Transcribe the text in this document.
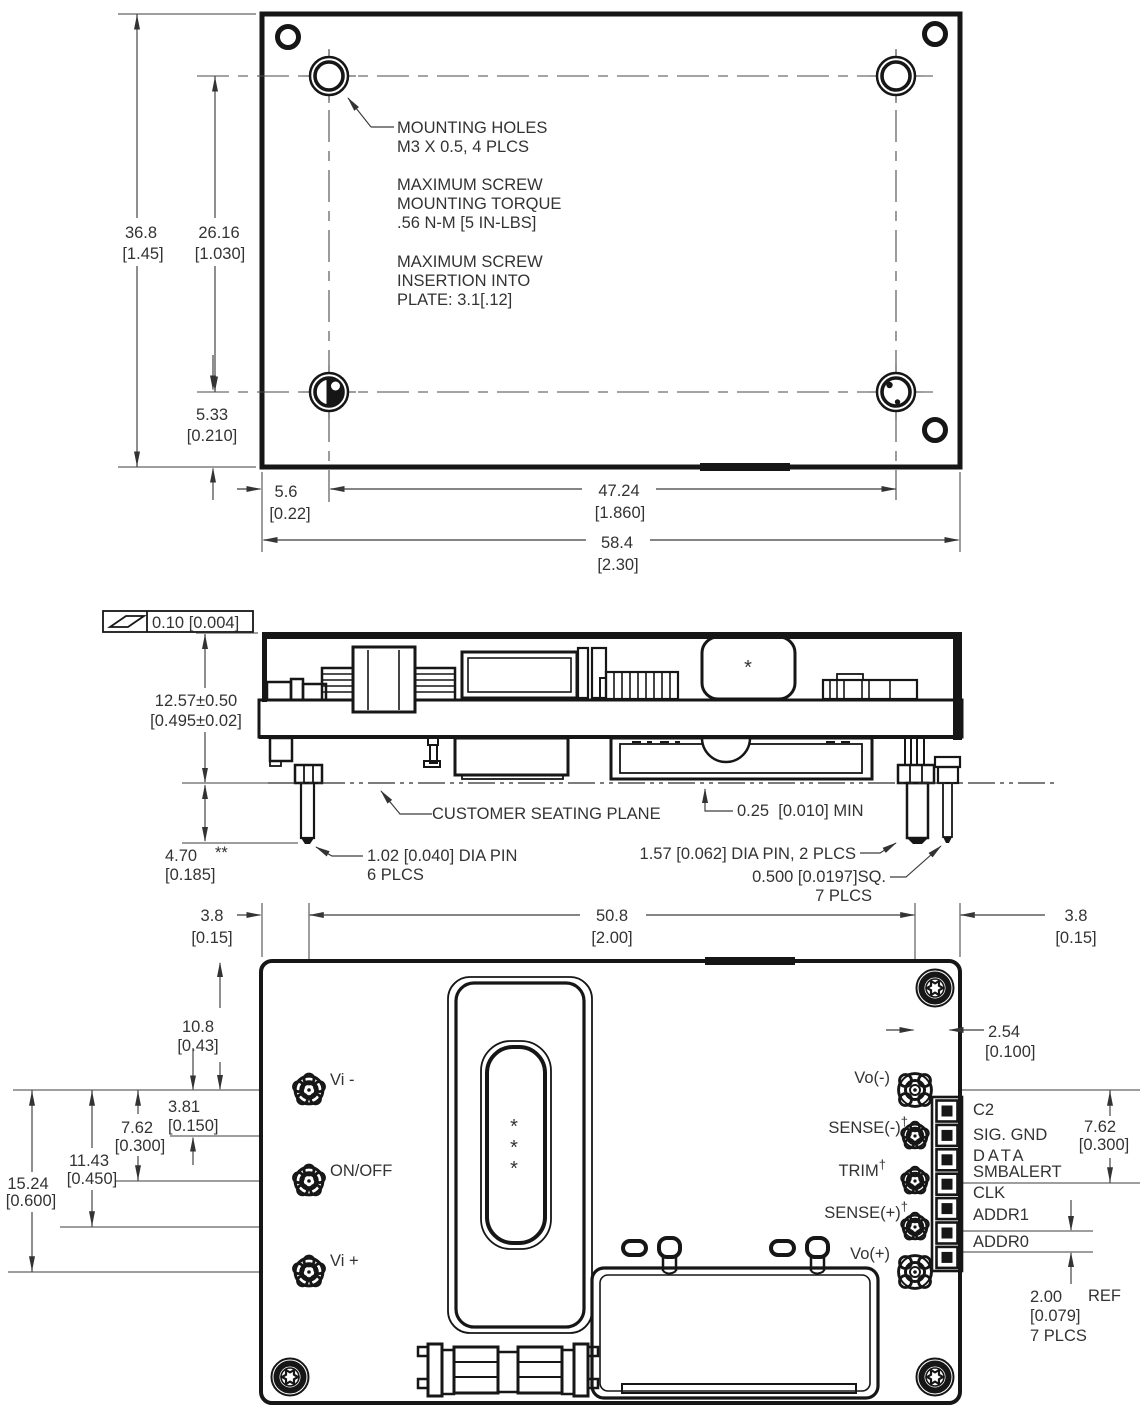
36.8
[1.45]
26.16
[1.030]
5.33
[0.210]
5.6
[0.22]
47.24
[1.860]
58.4
[2.30]
MOUNTING HOLES
M3 X 0.5, 4 PLCS
MAXIMUM SCREW
MOUNTING TORQUE
.56 N-M [5 IN-LBS]
MAXIMUM SCREW
INSERTION INTO
PLATE: 3.1[.12]
0.10 [0.004]
*
12.57±0.50
[0.495±0.02]
4.70 **
[0.185]
CUSTOMER SEATING PLANE	0.25  [0.010] MIN
1.02 [0.040] DIA PIN
6 PLCS
1.57 [0.062] DIA PIN, 2 PLCS
0.500 [0.0197]SQ.
7 PLCS
*
*
*
3.8
[0.15]
50.8
[2.00]
3.8
[0.15]
10.8
[0.43]
3.81
[0.150]
7.62
[0.300]
11.43
[0.450]
15.24
[0.600]
2.54
[0.100]
7.62
[0.300]
2.00 REF
[0.079]
7 PLCS
Vi -
ON/OFF
Vi +
Vo(-)
SENSE(-)†
TRIM†
SENSE(+)†
Vo(+)
C2
SIG. GND
DATA
SMBALERT
CLK
ADDR1
ADDR0
